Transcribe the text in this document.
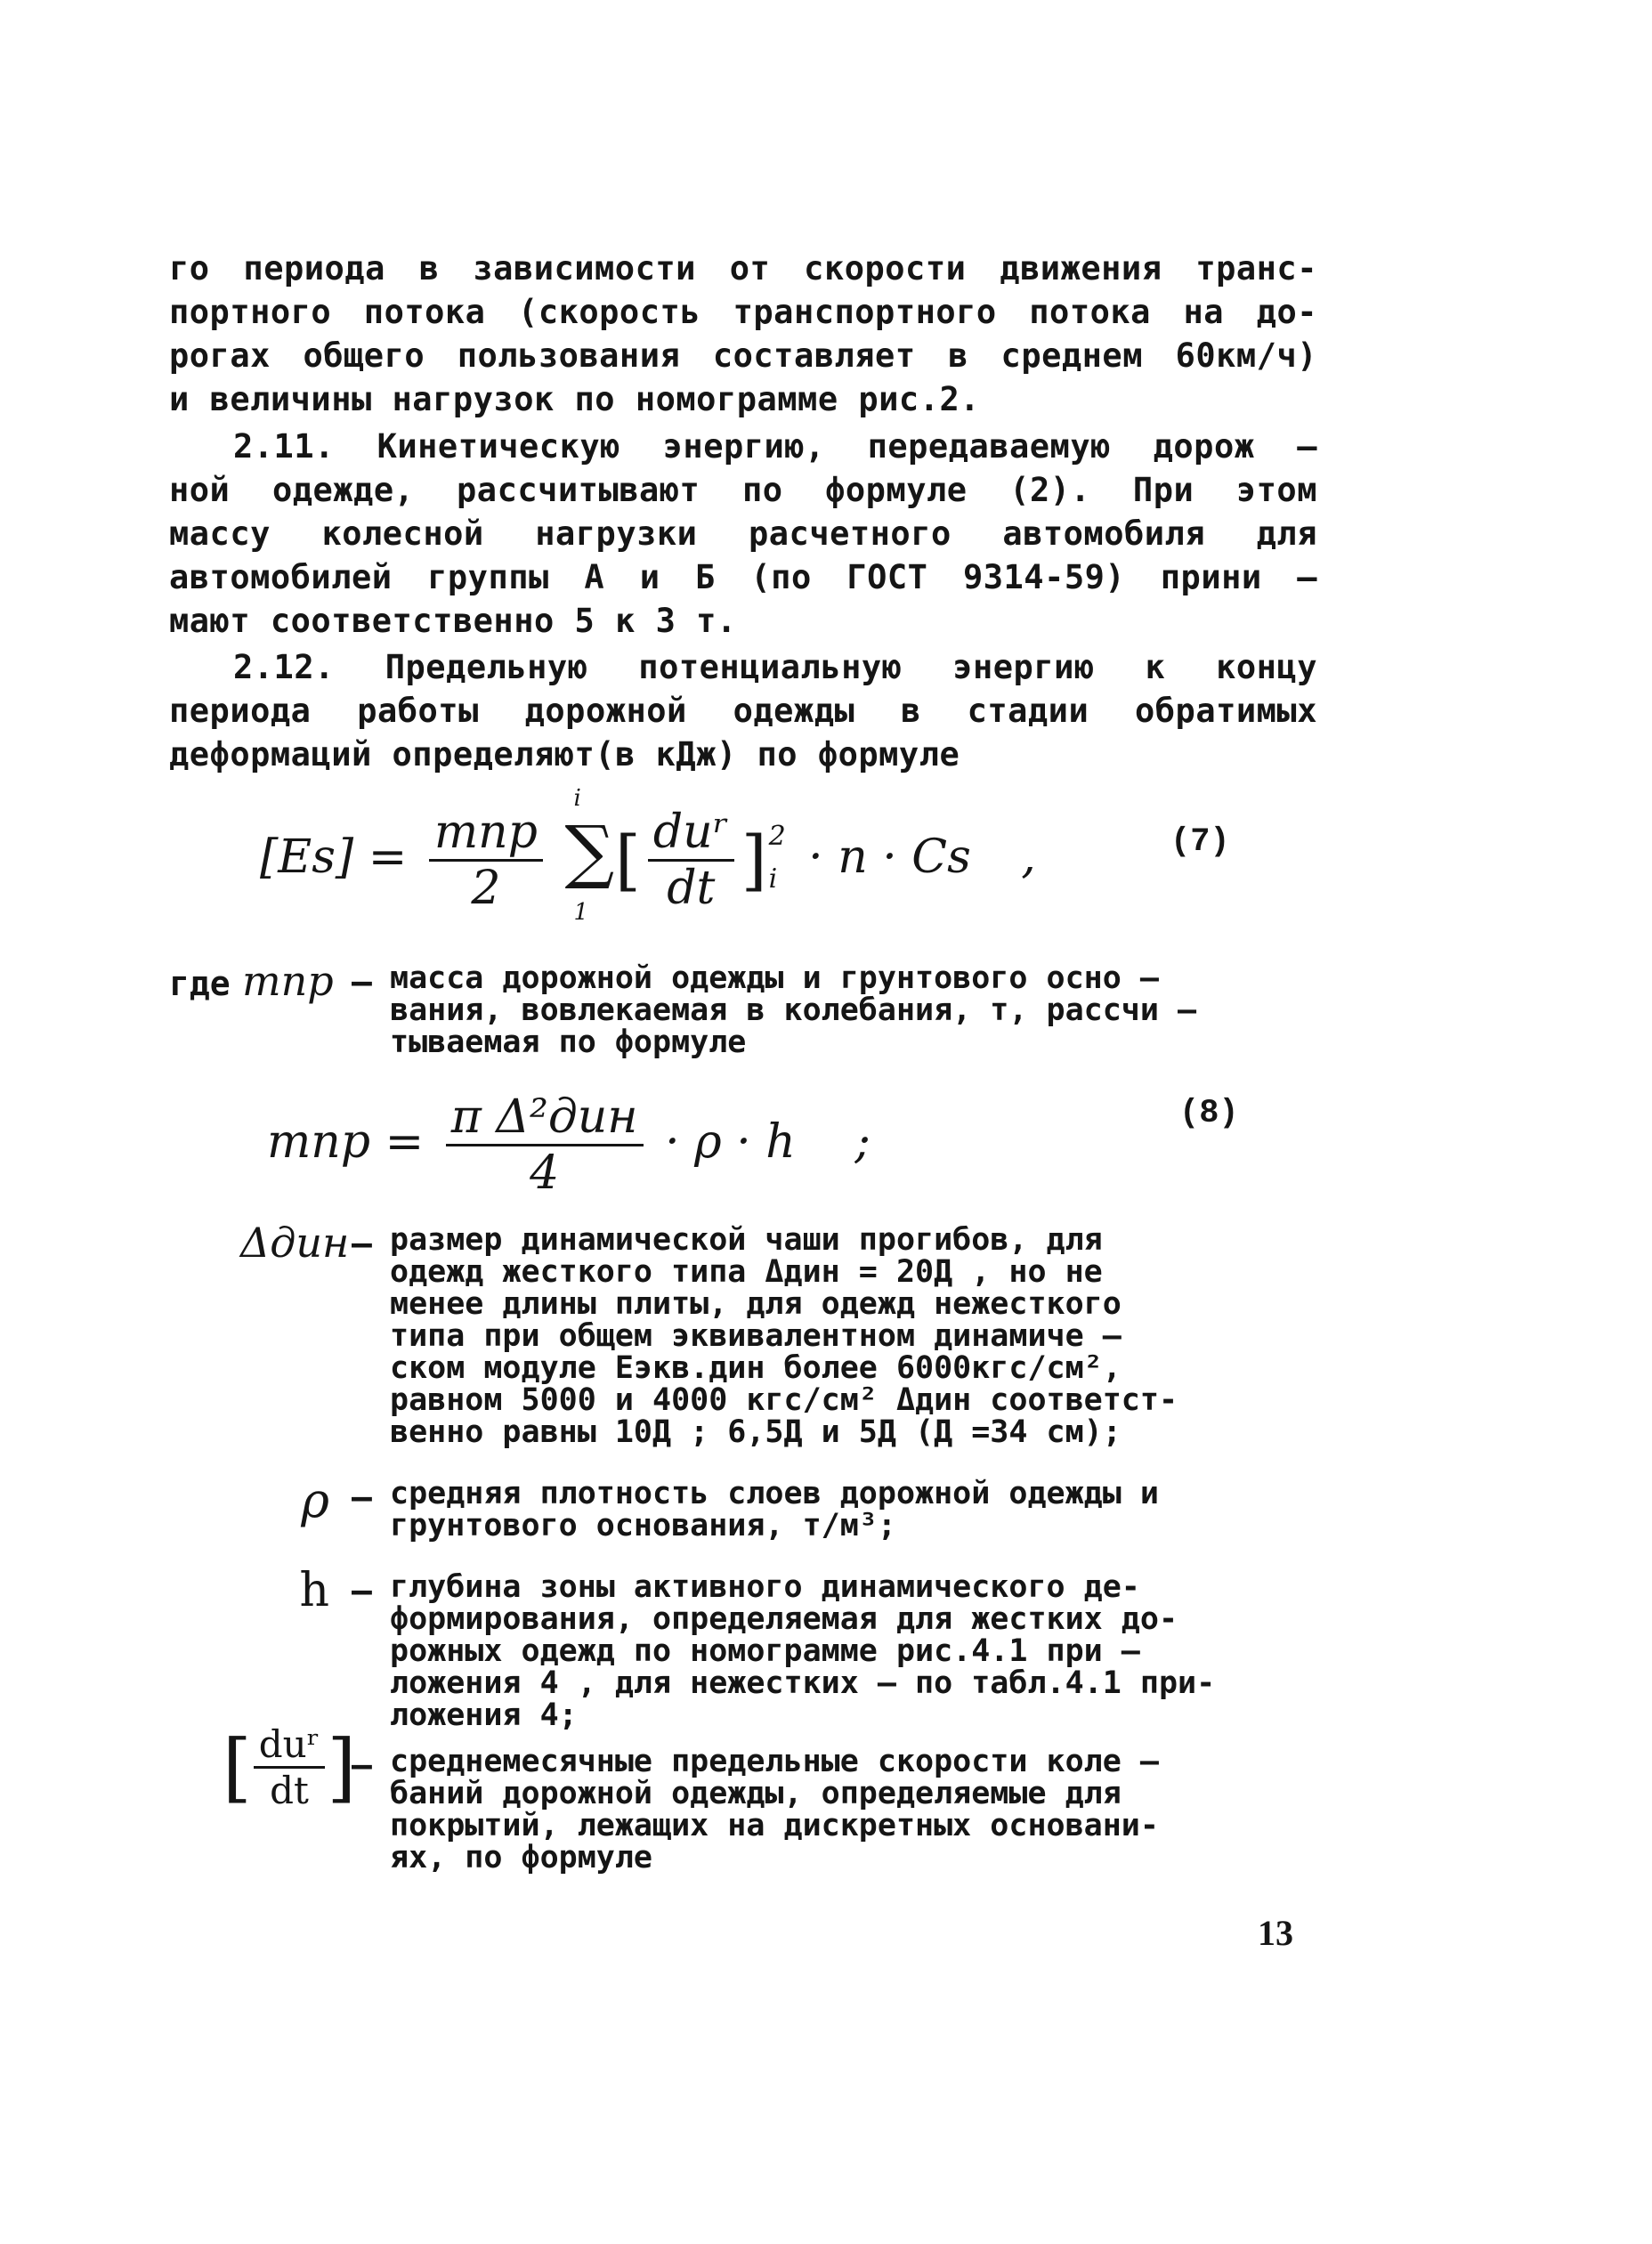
го периода в зависимости от скорости движения транс-
портного потока (скорость транспортного потока на до-
рогах общего пользования составляет в среднем 60км/ч)
и величины нагрузок по номограмме рис.2.
2.11. Кинетическую энергию, передаваемую дорож –
ной одежде, рассчитывают по формуле (2). При этом
массу колесной нагрузки расчетного автомобиля для
автомобилей группы А и Б (по ГОСТ 9314-59) прини –
мают соответственно 5 к 3 т.
2.12. Предельную потенциальную энергию к концу
периода работы дорожной одежды в стадии обратимых
деформаций определяют(в кДж) по формуле
$[Es] = \frac{\text{mпр}}{2}$
∑
i
1
[ $\frac{\text{duʳ}}{dt}$ ] 2
i · n · Cs ,	(7)
где mпр – масса дорожной одежды и грунтового осно –
вания, вовлекаемая в колебания, т, рассчи –
тываемая по формуле
mпр = $\frac{\text{π Δ²дин}}{4} \cdot \rho \cdot h$ ;
(8)
Δдин – размер динамической чаши прогибов, для
одежд жесткого типа Δдин = 20Д , но не
менее длины плиты, для одежд нежесткого
типа при общем эквивалентном динамиче –
ском модуле Eэкв.дин более 6000кгс/см²,
равном 5000 и 4000 кгс/см² Δдин соответст-
венно равны 10Д ; 6,5Д и 5Д (Д =34 см);
ρ – средняя плотность слоев дорожной одежды и
грунтового основания, т/м³;
h – глубина зоны активного динамического де-
формирования, определяемая для жестких до-
рожных одежд по номограмме рис.4.1 при –
ложения 4 , для нежестких – по табл.4.1 при-
ложения 4;
[ $\frac{\text{duʳ}}{dt}$ ]
– среднемесячные предельные скорости коле –
баний дорожной одежды, определяемые для
покрытий, лежащих на дискретных основани-
ях, по формуле
13
